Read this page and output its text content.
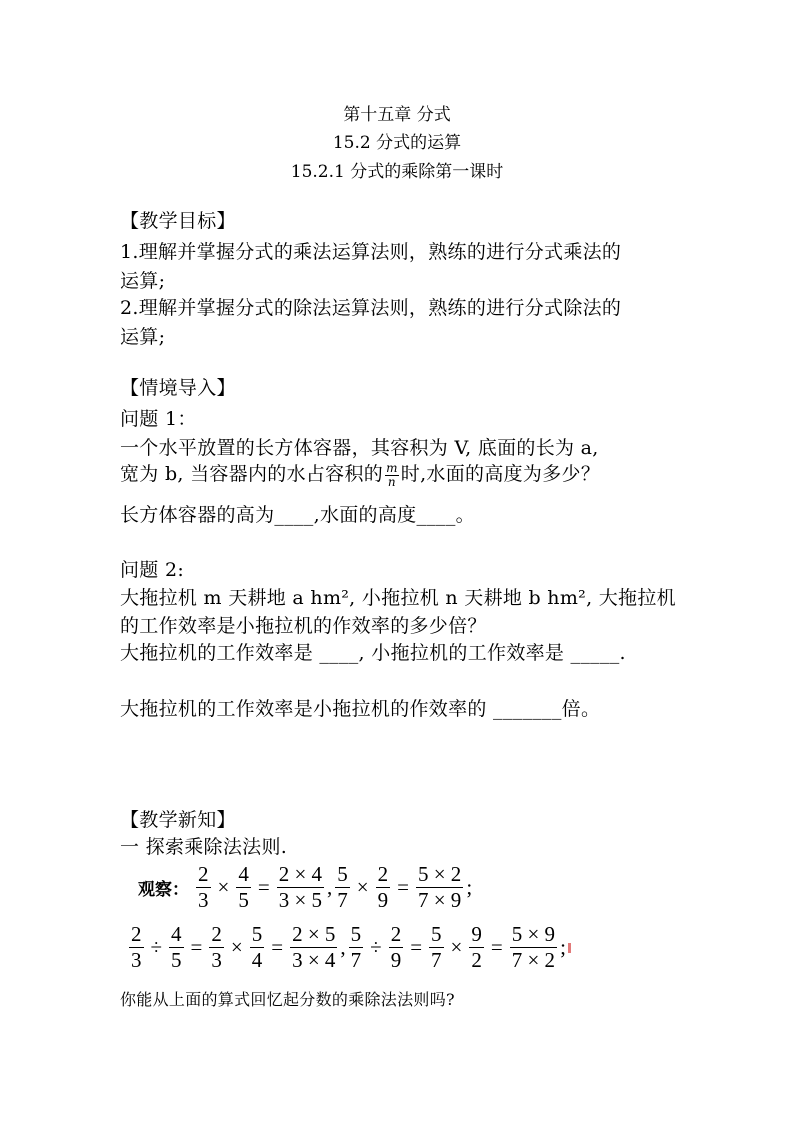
第十五章 分式
15.2 分式的运算
15.2.1 分式的乘除第一课时
【教学目标】
1.理解并掌握分式的乘法运算法则，熟练的进行分式乘法的
运算;
2.理解并掌握分式的除法运算法则，熟练的进行分式除法的
运算;
【情境导入】
问题 1：
一个水平放置的长方体容器，其容积为 V, 底面的长为 a,
宽为 b, 当容器内的水占容积的 $\frac{m}{n}$ 时,水面的高度为多少？
长方体容器的高为____,水面的高度____。
问题 2:
大拖拉机 m 天耕地 a hm², 小拖拉机 n 天耕地 b hm², 大拖拉机
的工作效率是小拖拉机的作效率的多少倍？
大拖拉机的工作效率是 ____, 小拖拉机的工作效率是 _____.
大拖拉机的工作效率是小拖拉机的作效率的 _______倍。
【教学新知】
一 探索乘除法法则.
观察： $\frac{2}{3} \times \frac{4}{5} = \frac{2 \times 4}{3 \times 5}$ , $\frac{5}{7} \times \frac{2}{9} = \frac{5 \times 2}{7 \times 9}$ ;
$\frac{2}{3} \div \frac{4}{5} = \frac{2}{3} \times \frac{5}{4} = \frac{2 \times 5}{3 \times 4}$ , $\frac{5}{7} \div \frac{2}{9} = \frac{5}{7} \times \frac{9}{2} = \frac{5 \times 9}{7 \times 2}$ ;
你能从上面的算式回忆起分数的乘除法法则吗?
